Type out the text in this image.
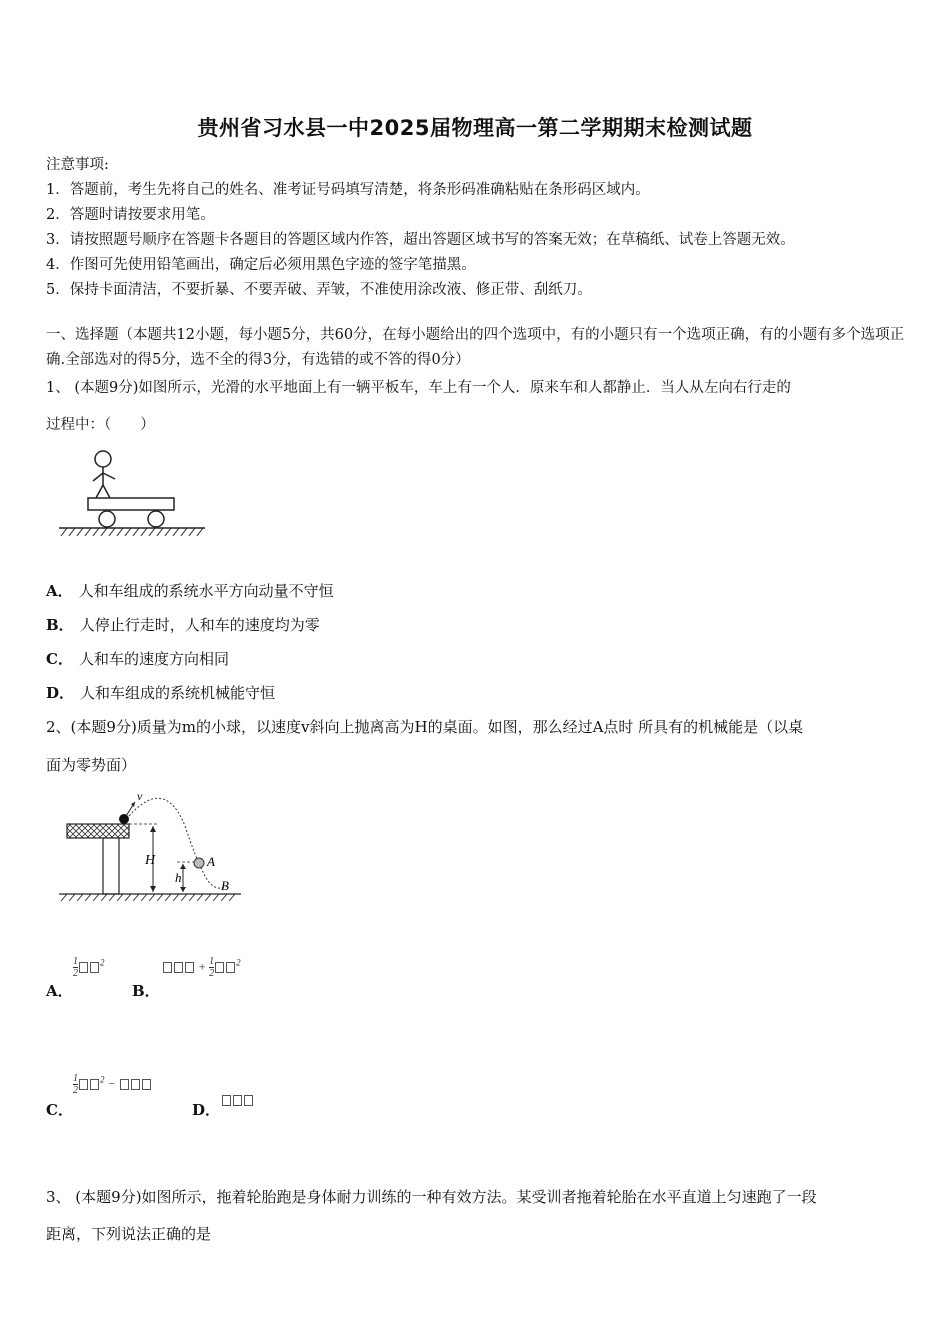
贵州省习水县一中2025届物理高一第二学期期末检测试题
注意事项:
1．答题前，考生先将自己的姓名、准考证号码填写清楚，将条形码准确粘贴在条形码区域内。
2．答题时请按要求用笔。
3．请按照题号顺序在答题卡各题目的答题区域内作答，超出答题区域书写的答案无效；在草稿纸、试卷上答题无效。
4．作图可先使用铅笔画出，确定后必须用黑色字迹的签字笔描黑。
5．保持卡面清洁，不要折暴、不要弄破、弄皱，不准使用涂改液、修正带、刮纸刀。
一、选择题（本题共12小题，每小题5分，共60分，在每小题给出的四个选项中，有的小题只有一个选项正确，有的小题有多个选项正确.全部选对的得5分，选不全的得3分，有选错的或不答的得0分）
1、 (本题9分)如图所示，光滑的水平地面上有一辆平板车，车上有一个人．原来车和人都静止．当人从左向右行走的
过程中：（　　）
A． 人和车组成的系统水平方向动量不守恒
B． 人停止行走时，人和车的速度均为零
C． 人和车的速度方向相同
D． 人和车组成的系统机械能守恒
2、(本题9分)质量为m的小球，以速度v斜向上抛离高为H的桌面。如图，那么经过A点时 所具有的机械能是（以桌
面为零势面）
v
H
h
A
B
A．
$\frac{1}{2} ^2$
B．
+ $\frac{1}{2} ^2$
C．
$\frac{1}{2} ^2$ −
D．
3、 (本题9分)如图所示，拖着轮胎跑是身体耐力训练的一种有效方法。某受训者拖着轮胎在水平直道上匀速跑了一段
距离，下列说法正确的是
